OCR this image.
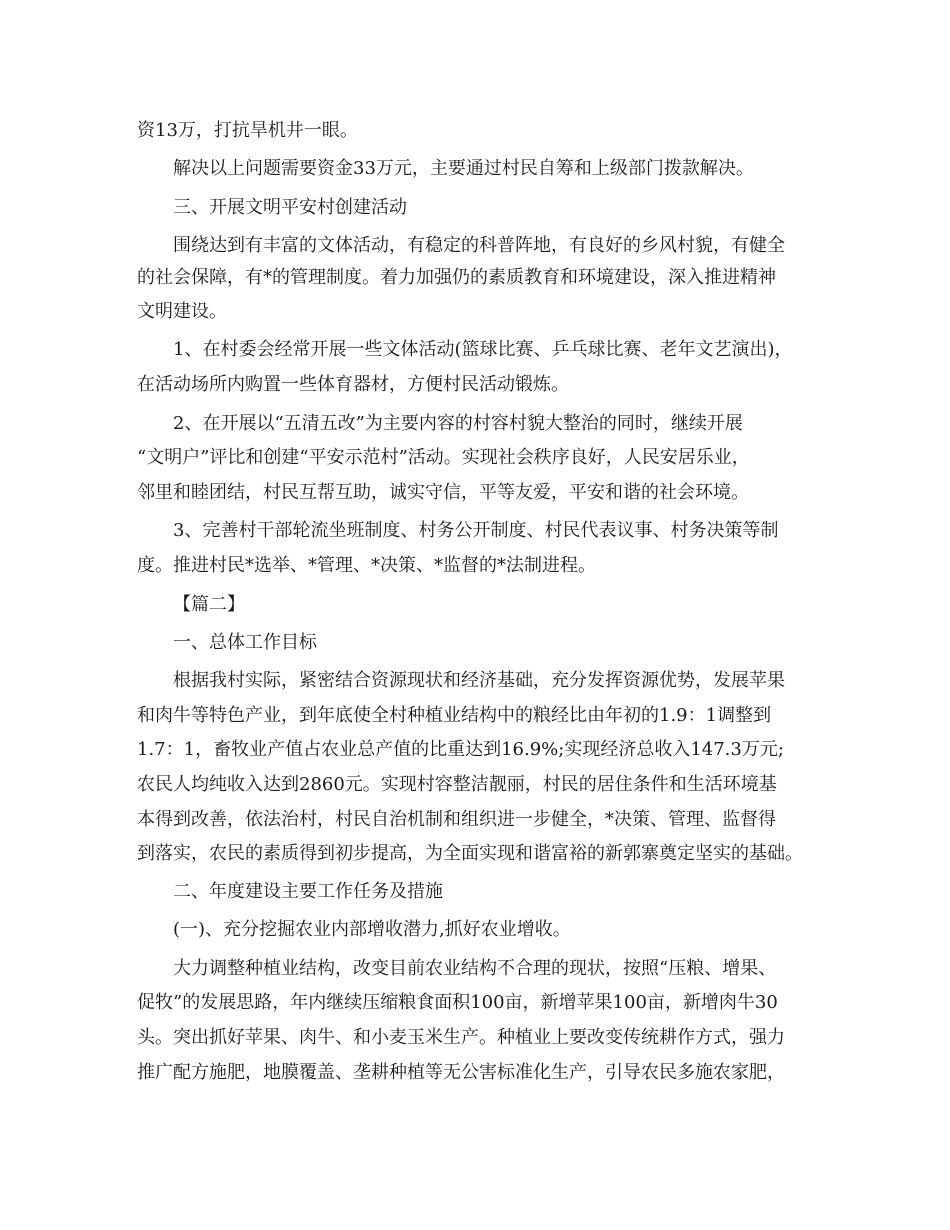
资13万，打抗旱机井一眼。
解决以上问题需要资金33万元，主要通过村民自筹和上级部门拨款解决。
三、开展文明平安村创建活动
围绕达到有丰富的文体活动，有稳定的科普阵地，有良好的乡风村貌，有健全
的社会保障，有*的管理制度。着力加强仍的素质教育和环境建设，深入推进精神
文明建设。
1、在村委会经常开展一些文体活动(篮球比赛、乒乓球比赛、老年文艺演出)，
在活动场所内购置一些体育器材，方便村民活动锻炼。
2、在开展以“五清五改”为主要内容的村容村貌大整治的同时，继续开展
“文明户”评比和创建“平安示范村”活动。实现社会秩序良好，人民安居乐业，
邻里和睦团结，村民互帮互助，诚实守信，平等友爱，平安和谐的社会环境。
3、完善村干部轮流坐班制度、村务公开制度、村民代表议事、村务决策等制
度。推进村民*选举、*管理、*决策、*监督的*法制进程。
【篇二】
一、总体工作目标
根据我村实际，紧密结合资源现状和经济基础，充分发挥资源优势，发展苹果
和肉牛等特色产业，到年底使全村种植业结构中的粮经比由年初的1.9：1调整到
1.7：1，畜牧业产值占农业总产值的比重达到16.9%;实现经济总收入147.3万元;
农民人均纯收入达到2860元。实现村容整洁靓丽，村民的居住条件和生活环境基
本得到改善，依法治村，村民自治机制和组织进一步健全，*决策、管理、监督得
到落实，农民的素质得到初步提高，为全面实现和谐富裕的新郭寨奠定坚实的基础。
二、年度建设主要工作任务及措施
(一)、充分挖掘农业内部增收潜力,抓好农业增收。
大力调整种植业结构，改变目前农业结构不合理的现状，按照“压粮、增果、
促牧”的发展思路，年内继续压缩粮食面积100亩，新增苹果100亩，新增肉牛30
头。突出抓好苹果、肉牛、和小麦玉米生产。种植业上要改变传统耕作方式，强力
推广配方施肥，地膜覆盖、垄耕种植等无公害标准化生产，引导农民多施农家肥，
